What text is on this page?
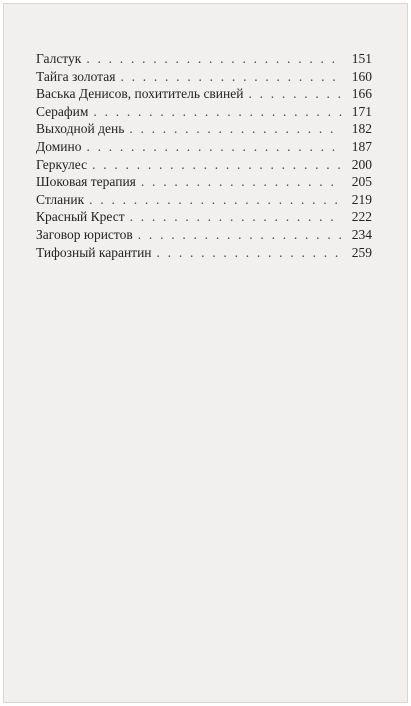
Галстук . . .	151
Тайга золотая . . .	160
Васька Денисов, похититель свиней . . .	166
Серафим . . .	171
Выходной день . . .	182
Домино . . .	187
Геркулес . . .	200
Шоковая терапия . . .	205
Стланик . . .	219
Красный Крест . . .	222
Заговор юристов . . .	234
Тифозный карантин . . .	259
